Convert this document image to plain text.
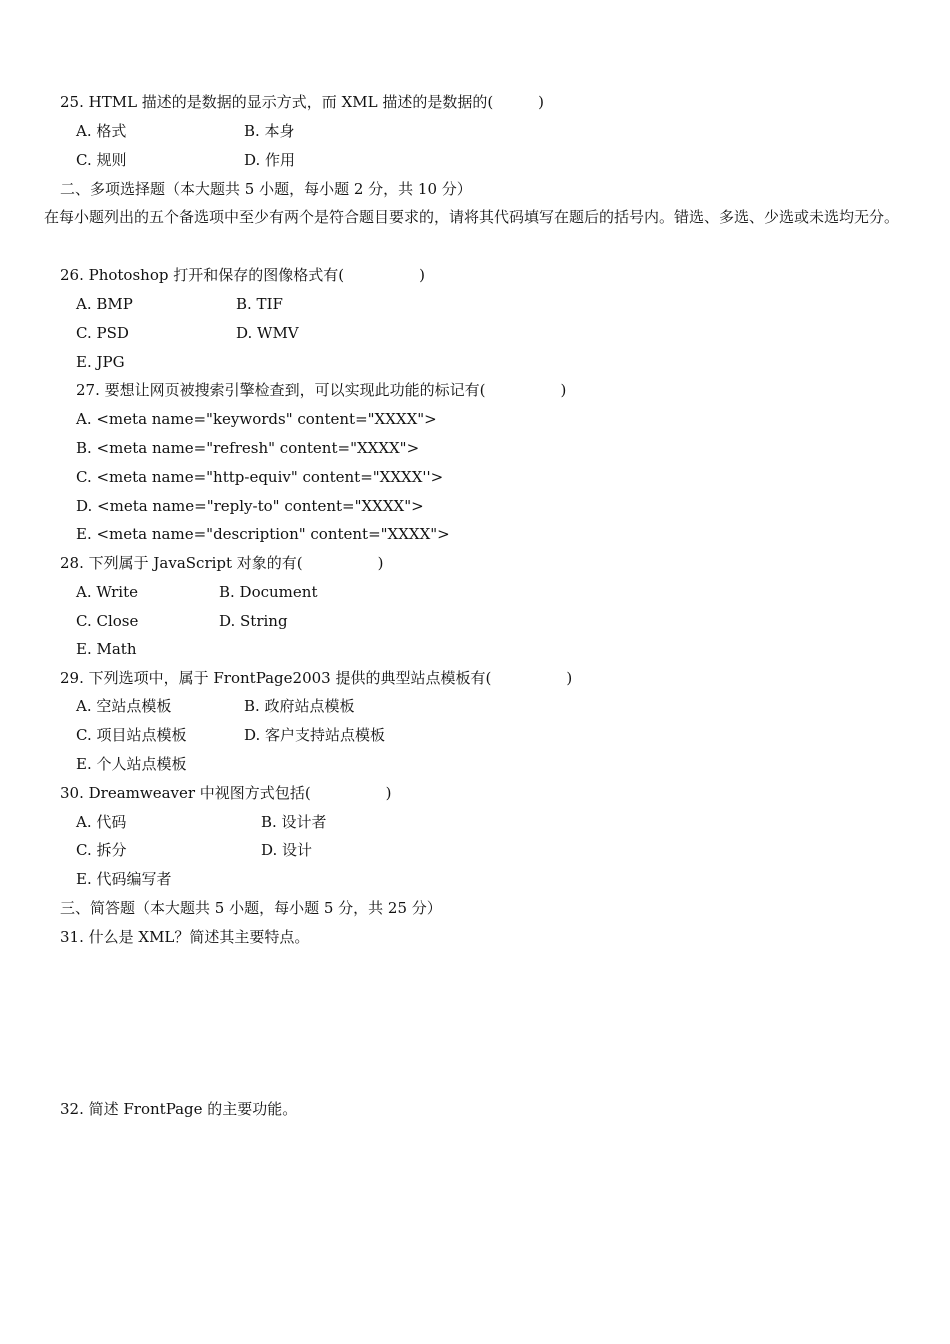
25. HTML 描述的是数据的显示方式，而 XML 描述的是数据的(　　　)
A. 格式	B. 本身
C. 规则	D. 作用
二、多项选择题（本大题共 5 小题，每小题 2 分，共 10 分）
在每小题列出的五个备选项中至少有两个是符合题目要求的，请将其代码填写在题后的括号内。错选、多选、少选或未选均无分。
26. Photoshop 打开和保存的图像格式有(　　　　　)
A. BMP	B. TIF
C. PSD	D. WMV
E. JPG
27. 要想让网页被搜索引擎检查到，可以实现此功能的标记有(　　　　　)
A. <meta name="keywords" content="XXXX">
B. <meta name="refresh" content="XXXX">
C. <meta name="http-equiv" content="XXXX''>
D. <meta name="reply-to" content="XXXX">
E. <meta name="description" content="XXXX">
28. 下列属于 JavaScript 对象的有(　　　　　)
A. Write	B. Document
C. Close	D. String
E. Math
29. 下列选项中，属于 FrontPage2003 提供的典型站点模板有(　　　　　)
A. 空站点模板	B. 政府站点模板
C. 项目站点模板	D. 客户支持站点模板
E. 个人站点模板
30. Dreamweaver 中视图方式包括(　　　　　)
A. 代码	B. 设计者
C. 拆分	D. 设计
E. 代码编写者
三、简答题（本大题共 5 小题，每小题 5 分，共 25 分）
31. 什么是 XML？简述其主要特点。
32. 简述 FrontPage 的主要功能。
